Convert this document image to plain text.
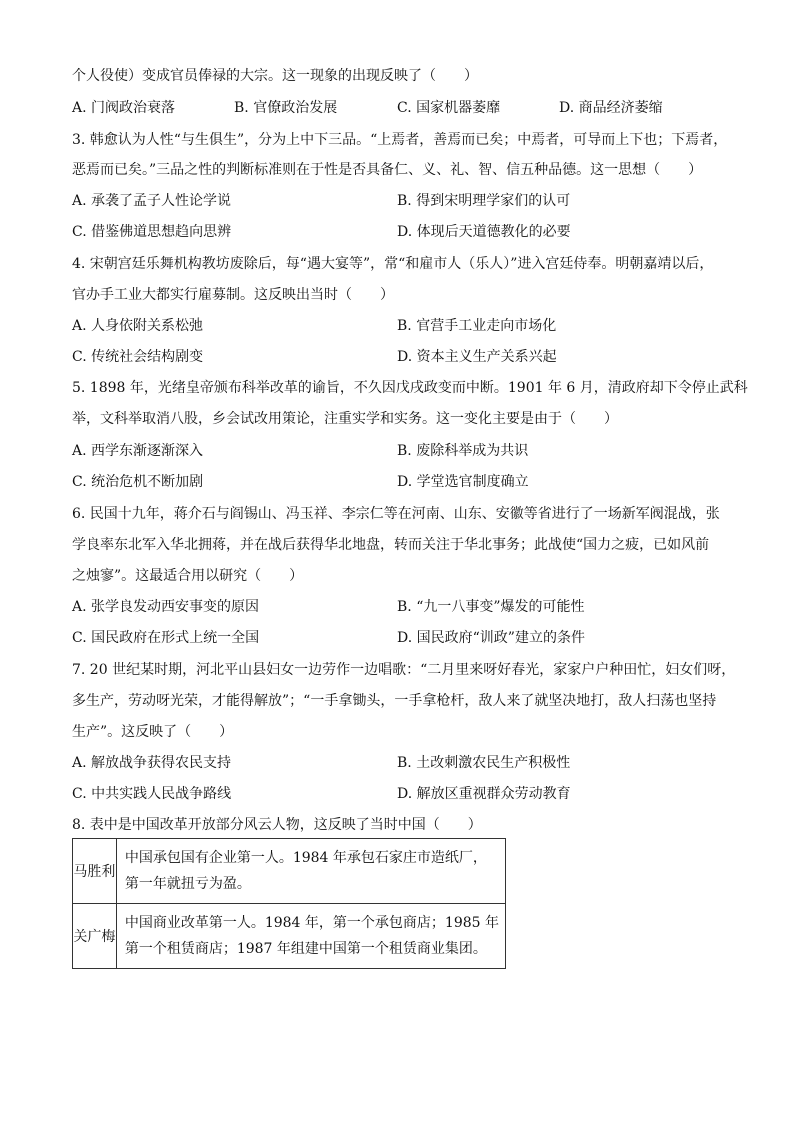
个人役使）变成官员俸禄的大宗。这一现象的出现反映了（　　）
A. 门阀政治衰落	B. 官僚政治发展	C. 国家机器萎靡	D. 商品经济萎缩
3. 韩愈认为人性“与生俱生”，分为上中下三品。“上焉者，善焉而已矣；中焉者，可导而上下也；下焉者，
恶焉而已矣。”三品之性的判断标准则在于性是否具备仁、义、礼、智、信五种品德。这一思想（　　）
A. 承袭了孟子人性论学说	B. 得到宋明理学家们的认可
C. 借鉴佛道思想趋向思辨	D. 体现后天道德教化的必要
4. 宋朝宫廷乐舞机构教坊废除后，每“遇大宴等”，常“和雇市人（乐人）”进入宫廷侍奉。明朝嘉靖以后，
官办手工业大都实行雇募制。这反映出当时（　　）
A. 人身依附关系松弛	B. 官营手工业走向市场化
C. 传统社会结构剧变	D. 资本主义生产关系兴起
5. 1898 年，光绪皇帝颁布科举改革的谕旨，不久因戊戌政变而中断。1901 年 6 月，清政府却下令停止武科
举，文科举取消八股，乡会试改用策论，注重实学和实务。这一变化主要是由于（　　）
A. 西学东渐逐渐深入	B. 废除科举成为共识
C. 统治危机不断加剧	D. 学堂选官制度确立
6. 民国十九年，蒋介石与阎锡山、冯玉祥、李宗仁等在河南、山东、安徽等省进行了一场新军阀混战，张
学良率东北军入华北拥蒋，并在战后获得华北地盘，转而关注于华北事务；此战使“国力之疲，已如风前
之烛寥”。这最适合用以研究（　　）
A. 张学良发动西安事变的原因	B. “九一八事变”爆发的可能性
C. 国民政府在形式上统一全国	D. 国民政府“训政”建立的条件
7. 20 世纪某时期，河北平山县妇女一边劳作一边唱歌：“二月里来呀好春光，家家户户种田忙，妇女们呀，
多生产，劳动呀光荣，才能得解放”；“一手拿锄头，一手拿枪杆，敌人来了就坚决地打，敌人扫荡也坚持
生产”。这反映了（　　）
A. 解放战争获得农民支持	B. 土改刺激农民生产积极性
C. 中共实践人民战争路线	D. 解放区重视群众劳动教育
8. 表中是中国改革开放部分风云人物，这反映了当时中国（　　）
马胜利	中国承包国有企业第一人。1984 年承包石家庄市造纸厂，
第一年就扭亏为盈。

关广梅	中国商业改革第一人。1984 年，第一个承包商店；1985 年
第一个租赁商店；1987 年组建中国第一个租赁商业集团。
